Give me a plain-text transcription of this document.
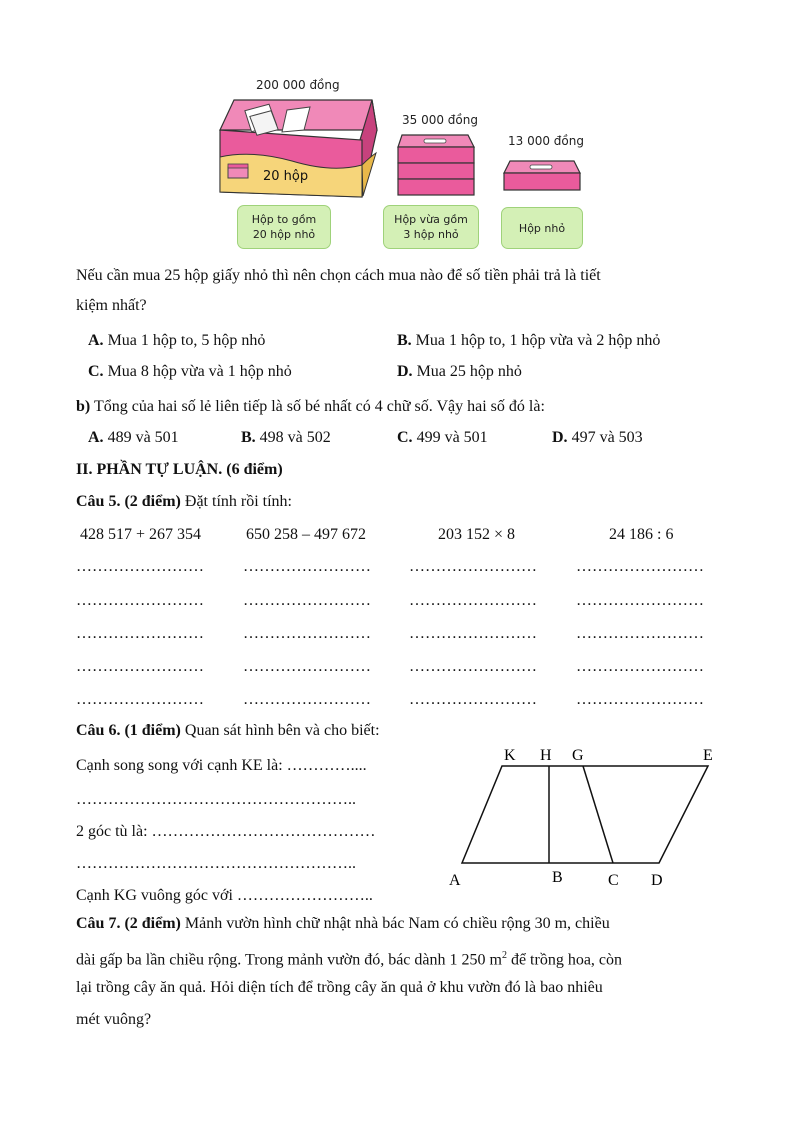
200 000 đồng
35 000 đồng
13 000 đồng
20 hộp
Hộp to gồm
20 hộp nhỏ
Hộp vừa gồm
3 hộp nhỏ	Hộp nhỏ
Nếu cần mua 25 hộp giấy nhỏ thì nên chọn cách mua nào để số tiền phải trả là tiết
kiệm nhất?
A. Mua 1 hộp to, 5 hộp nhỏ	B. Mua 1 hộp to, 1 hộp vừa và 2 hộp nhỏ
C. Mua 8 hộp vừa và 1 hộp nhỏ	D. Mua 25 hộp nhỏ
b) Tổng của hai số lẻ liên tiếp là số bé nhất có 4 chữ số. Vậy hai số đó là:
A. 489 và 501	B. 498 và 502	C. 499 và 501	D. 497 và 503
II. PHẦN TỰ LUẬN. (6 điểm)
Câu 5. (2 điểm) Đặt tính rồi tính:
428 517 + 267 354	650 258 – 497 672	203 152 × 8	24 186 : 6
…………………… …………………… …………………… ……………………
…………………… …………………… …………………… ……………………
…………………… …………………… …………………… ……………………
…………………… …………………… …………………… ……………………
…………………… …………………… …………………… ……………………
Câu 6. (1 điểm) Quan sát hình bên và cho biết:
Cạnh song song với cạnh KE là: …………....
……………………………………………..
2 góc tù là: ……………………………………
……………………………………………..
Cạnh KG vuông góc với ……………………..
K H G	E
A	B	C D
Câu 7. (2 điểm) Mảnh vườn hình chữ nhật nhà bác Nam có chiều rộng 30 m, chiều
dài gấp ba lần chiều rộng. Trong mảnh vườn đó, bác dành 1 250 $m^2$ để trồng hoa, còn
lại trồng cây ăn quả. Hỏi diện tích để trồng cây ăn quả ở khu vườn đó là bao nhiêu
mét vuông?
